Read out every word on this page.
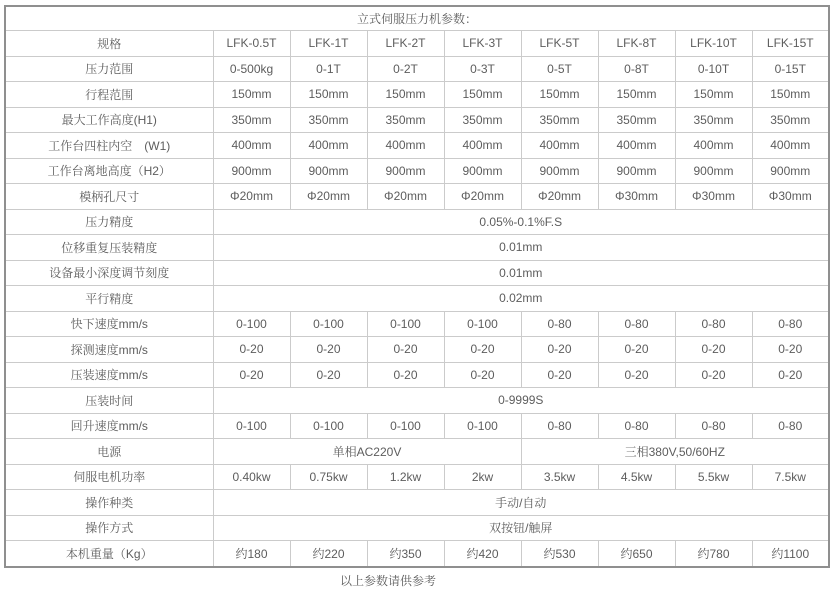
立式伺服压力机参数：								
规格	LFK-0.5T	LFK-1T	LFK-2T	LFK-3T	LFK-5T	LFK-8T	LFK-10T	LFK-15T
压力范围	0-500kg	0-1T	0-2T	0-3T	0-5T	0-8T	0-10T	0-15T
行程范围	150mm	150mm	150mm	150mm	150mm	150mm	150mm	150mm
最大工作高度(H1)	350mm	350mm	350mm	350mm	350mm	350mm	350mm	350mm
工作台四柱内空　(W1)	400mm	400mm	400mm	400mm	400mm	400mm	400mm	400mm
工作台离地高度（H2）	900mm	900mm	900mm	900mm	900mm	900mm	900mm	900mm
模柄孔尺寸	Φ20mm	Φ20mm	Φ20mm	Φ20mm	Φ20mm	Φ30mm	Φ30mm	Φ30mm
压力精度	0.05%-0.1%F.S							
位移重复压装精度	0.01mm							
设备最小深度调节刻度	0.01mm							
平行精度	0.02mm							
快下速度mm/s	0-100	0-100	0-100	0-100	0-80	0-80	0-80	0-80
探测速度mm/s	0-20	0-20	0-20	0-20	0-20	0-20	0-20	0-20
压装速度mm/s	0-20	0-20	0-20	0-20	0-20	0-20	0-20	0-20
压装时间	0-9999S							
回升速度mm/s	0-100	0-100	0-100	0-100	0-80	0-80	0-80	0-80
电源	单相AC220V				三相380V,50/60HZ			
伺服电机功率	0.40kw	0.75kw	1.2kw	2kw	3.5kw	4.5kw	5.5kw	7.5kw
操作种类	手动/自动							
操作方式	双按钮/触屏							
本机重量（Kg）	约180	约220	约350	约420	约530	约650	约780	约1100
以上参数请供参考
